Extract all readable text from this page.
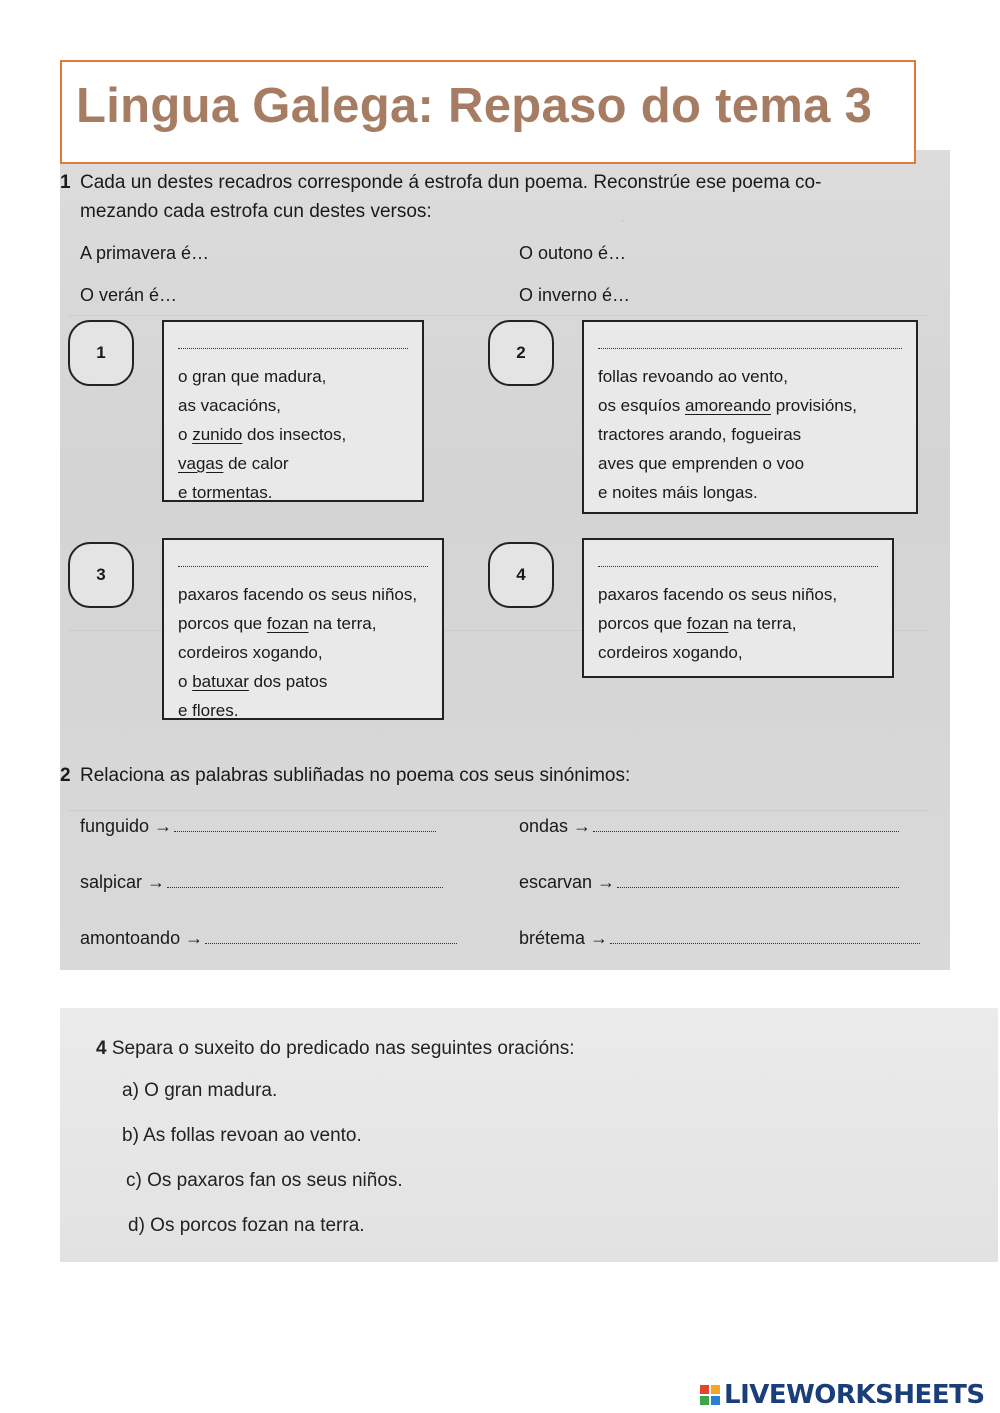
Lingua Galega: Repaso do tema 3
·
1 Cada un destes recadros corresponde á estrofa dun poema. Reconstrúe ese poema co-
mezando cada estrofa cun destes versos:
A primavera é…	O outono é…
O verán é…	O inverno é…
1
o gran que madura,
as vacacións,
o zunido dos insectos,
vagas de calor
e tormentas.
2
follas revoando ao vento,
os esquíos amoreando provisións,
tractores arando, fogueiras
aves que emprenden o voo
e noites máis longas.
3
paxaros facendo os seus niños,
porcos que fozan na terra,
cordeiros xogando,
o batuxar dos patos
e flores.
4
paxaros facendo os seus niños,
porcos que fozan na terra,
cordeiros xogando,
2 Relaciona as palabras subliñadas no poema cos seus sinónimos:
funguido →	ondas →
salpicar →	escarvan →
amontoando →	brétema →
4 Separa o suxeito do predicado nas seguintes oracións:
a) O gran madura.
b) As follas revoan ao vento.
c) Os paxaros fan os seus niños.
d) Os porcos fozan na terra.
LIVEWORKSHEETS
